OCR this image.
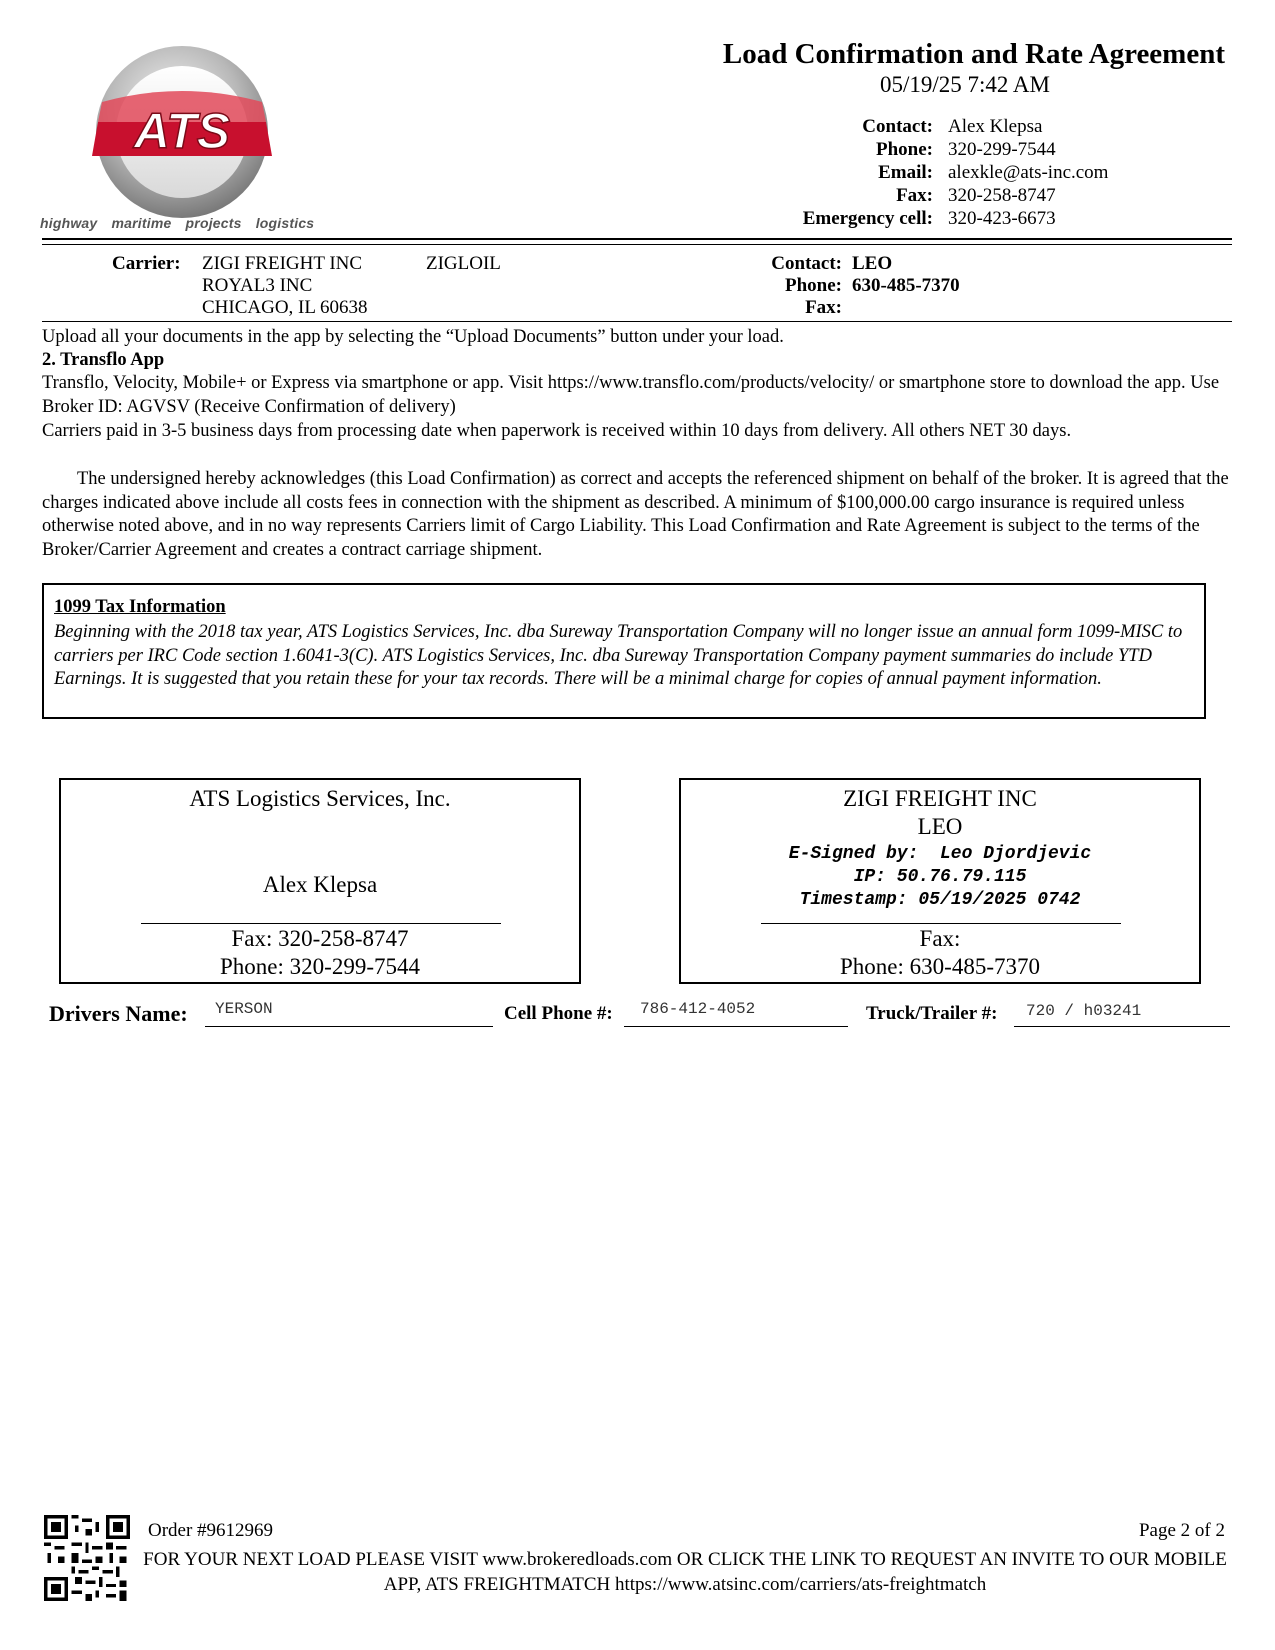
ATS
highway maritime projects logistics
Load Confirmation and Rate Agreement
05/19/25 7:42 AM
Contact: Alex Klepsa
Phone: 320-299-7544
Email: alexkle@ats-inc.com
Fax: 320-258-8747
Emergency cell: 320-423-6673
Carrier: ZIGI FREIGHT INC	ZIGLOIL
ROYAL3 INC
CHICAGO, IL 60638
Contact: LEO
Phone: 630-485-7370
Fax:
Upload all your documents in the app by selecting the “Upload Documents” button under your load.
2. Transflo App
Transflo, Velocity, Mobile+ or Express via smartphone or app. Visit https://www.transflo.com/products/velocity/ or smartphone store to download the app. Use Broker ID: AGVSV (Receive Confirmation of delivery)
Carriers paid in 3-5 business days from processing date when paperwork is received within 10 days from delivery. All others NET 30 days.
The undersigned hereby acknowledges (this Load Confirmation) as correct and accepts the referenced shipment on behalf of the broker. It is agreed that the charges indicated above include all costs fees in connection with the shipment as described. A minimum of $100,000.00 cargo insurance is required unless otherwise noted above, and in no way represents Carriers limit of Cargo Liability. This Load Confirmation and Rate Agreement is subject to the terms of the Broker/Carrier Agreement and creates a contract carriage shipment.
1099 Tax Information
Beginning with the 2018 tax year, ATS Logistics Services, Inc. dba Sureway Transportation Company will no longer issue an annual form 1099-MISC to carriers per IRC Code section 1.6041-3(C). ATS Logistics Services, Inc. dba Sureway Transportation Company payment summaries do include YTD Earnings. It is suggested that you retain these for your tax records. There will be a minimal charge for copies of annual payment information.
ATS Logistics Services, Inc.
Alex Klepsa
Fax: 320-258-8747
Phone: 320-299-7544
ZIGI FREIGHT INC
LEO
E-Signed by:  Leo Djordjevic
IP: 50.76.79.115
Timestamp: 05/19/2025 0742
Fax:
Phone: 630-485-7370
Drivers Name: YERSON	Cell Phone #: 786-412-4052	Truck/Trailer #: 720 / h03241
Order #9612969	Page 2 of 2
FOR YOUR NEXT LOAD PLEASE VISIT www.brokeredloads.com OR CLICK THE LINK TO REQUEST AN INVITE TO OUR MOBILE APP, ATS FREIGHTMATCH https://www.atsinc.com/carriers/ats-freightmatch
